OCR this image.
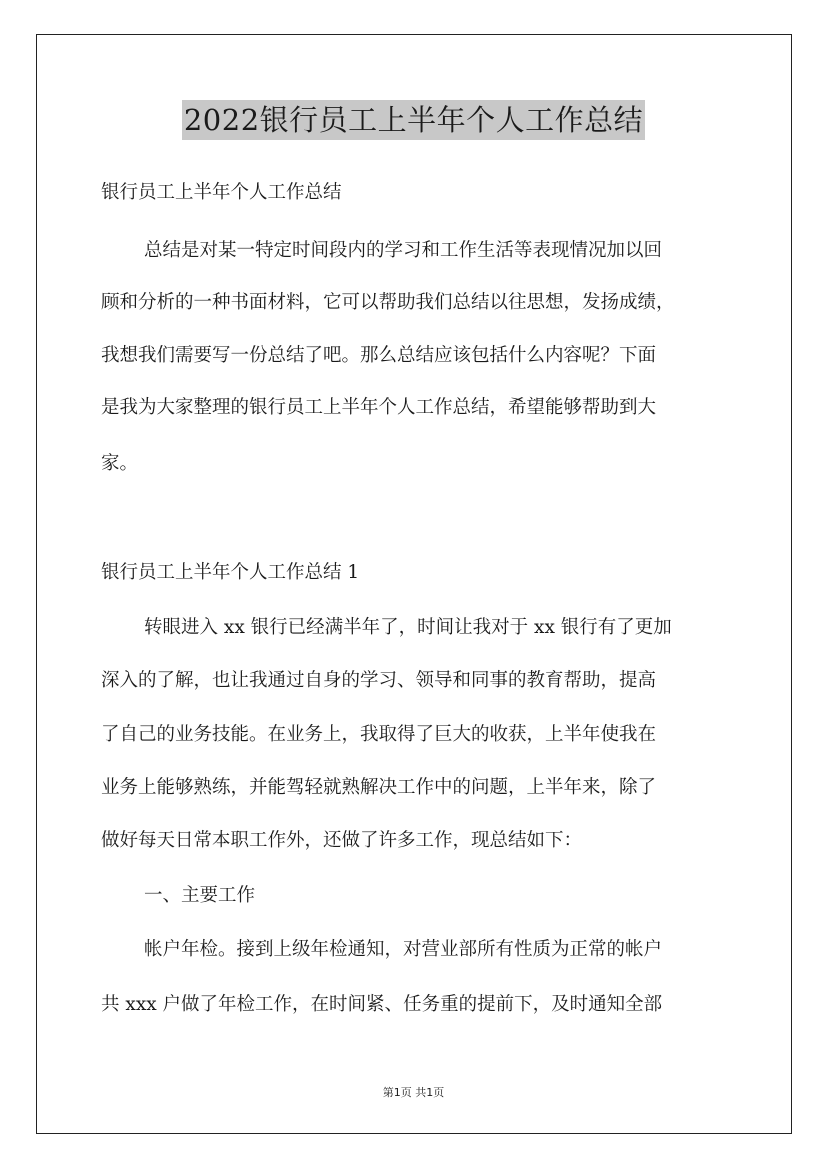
2022银行员工上半年个人工作总结
银行员工上半年个人工作总结
总结是对某一特定时间段内的学习和工作生活等表现情况加以回
顾和分析的一种书面材料，它可以帮助我们总结以往思想，发扬成绩，
我想我们需要写一份总结了吧。那么总结应该包括什么内容呢？下面
是我为大家整理的银行员工上半年个人工作总结，希望能够帮助到大
家。
银行员工上半年个人工作总结 1
转眼进入 xx 银行已经满半年了，时间让我对于 xx 银行有了更加
深入的了解，也让我通过自身的学习、领导和同事的教育帮助，提高
了自己的业务技能。在业务上，我取得了巨大的收获，上半年使我在
业务上能够熟练，并能驾轻就熟解决工作中的问题，上半年来，除了
做好每天日常本职工作外，还做了许多工作，现总结如下：
一、主要工作
帐户年检。接到上级年检通知，对营业部所有性质为正常的帐户
共 xxx 户做了年检工作，在时间紧、任务重的提前下，及时通知全部
第1页 共1页
